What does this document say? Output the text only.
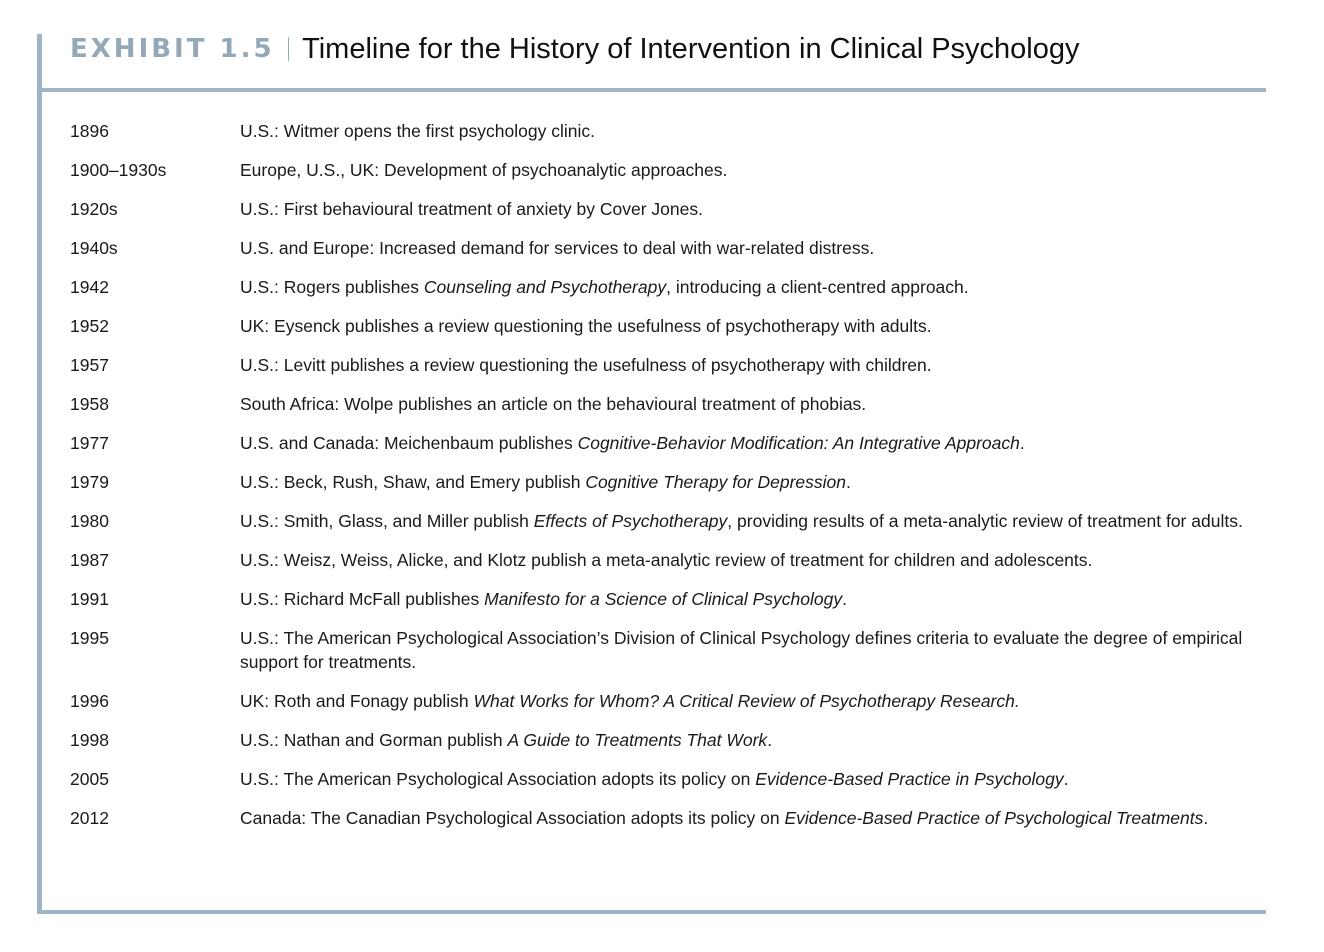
EXHIBIT 1.5 Timeline for the History of Intervention in Clinical Psychology
1896	U.S.: Witmer opens the first psychology clinic.
1900–1930s	Europe, U.S., UK: Development of psychoanalytic approaches.
1920s	U.S.: First behavioural treatment of anxiety by Cover Jones.
1940s	U.S. and Europe: Increased demand for services to deal with war-related distress.
1942	U.S.: Rogers publishes Counseling and Psychotherapy, introducing a client-centred approach.
1952	UK: Eysenck publishes a review questioning the usefulness of psychotherapy with adults.
1957	U.S.: Levitt publishes a review questioning the usefulness of psychotherapy with children.
1958	South Africa: Wolpe publishes an article on the behavioural treatment of phobias.
1977	U.S. and Canada: Meichenbaum publishes Cognitive-Behavior Modification: An Integrative Approach.
1979	U.S.: Beck, Rush, Shaw, and Emery publish Cognitive Therapy for Depression.
1980	U.S.: Smith, Glass, and Miller publish Effects of Psychotherapy, providing results of a meta-analytic review of treatment for adults.
1987	U.S.: Weisz, Weiss, Alicke, and Klotz publish a meta-analytic review of treatment for children and adolescents.
1991	U.S.: Richard McFall publishes Manifesto for a Science of Clinical Psychology.
1995	U.S.: The American Psychological Association’s Division of Clinical Psychology defines criteria to evaluate the degree of empirical support for treatments.
1996	UK: Roth and Fonagy publish What Works for Whom? A Critical Review of Psychotherapy Research.
1998	U.S.: Nathan and Gorman publish A Guide to Treatments That Work.
2005	U.S.: The American Psychological Association adopts its policy on Evidence-Based Practice in Psychology.
2012	Canada: The Canadian Psychological Association adopts its policy on Evidence-Based Practice of Psychological Treatments.
